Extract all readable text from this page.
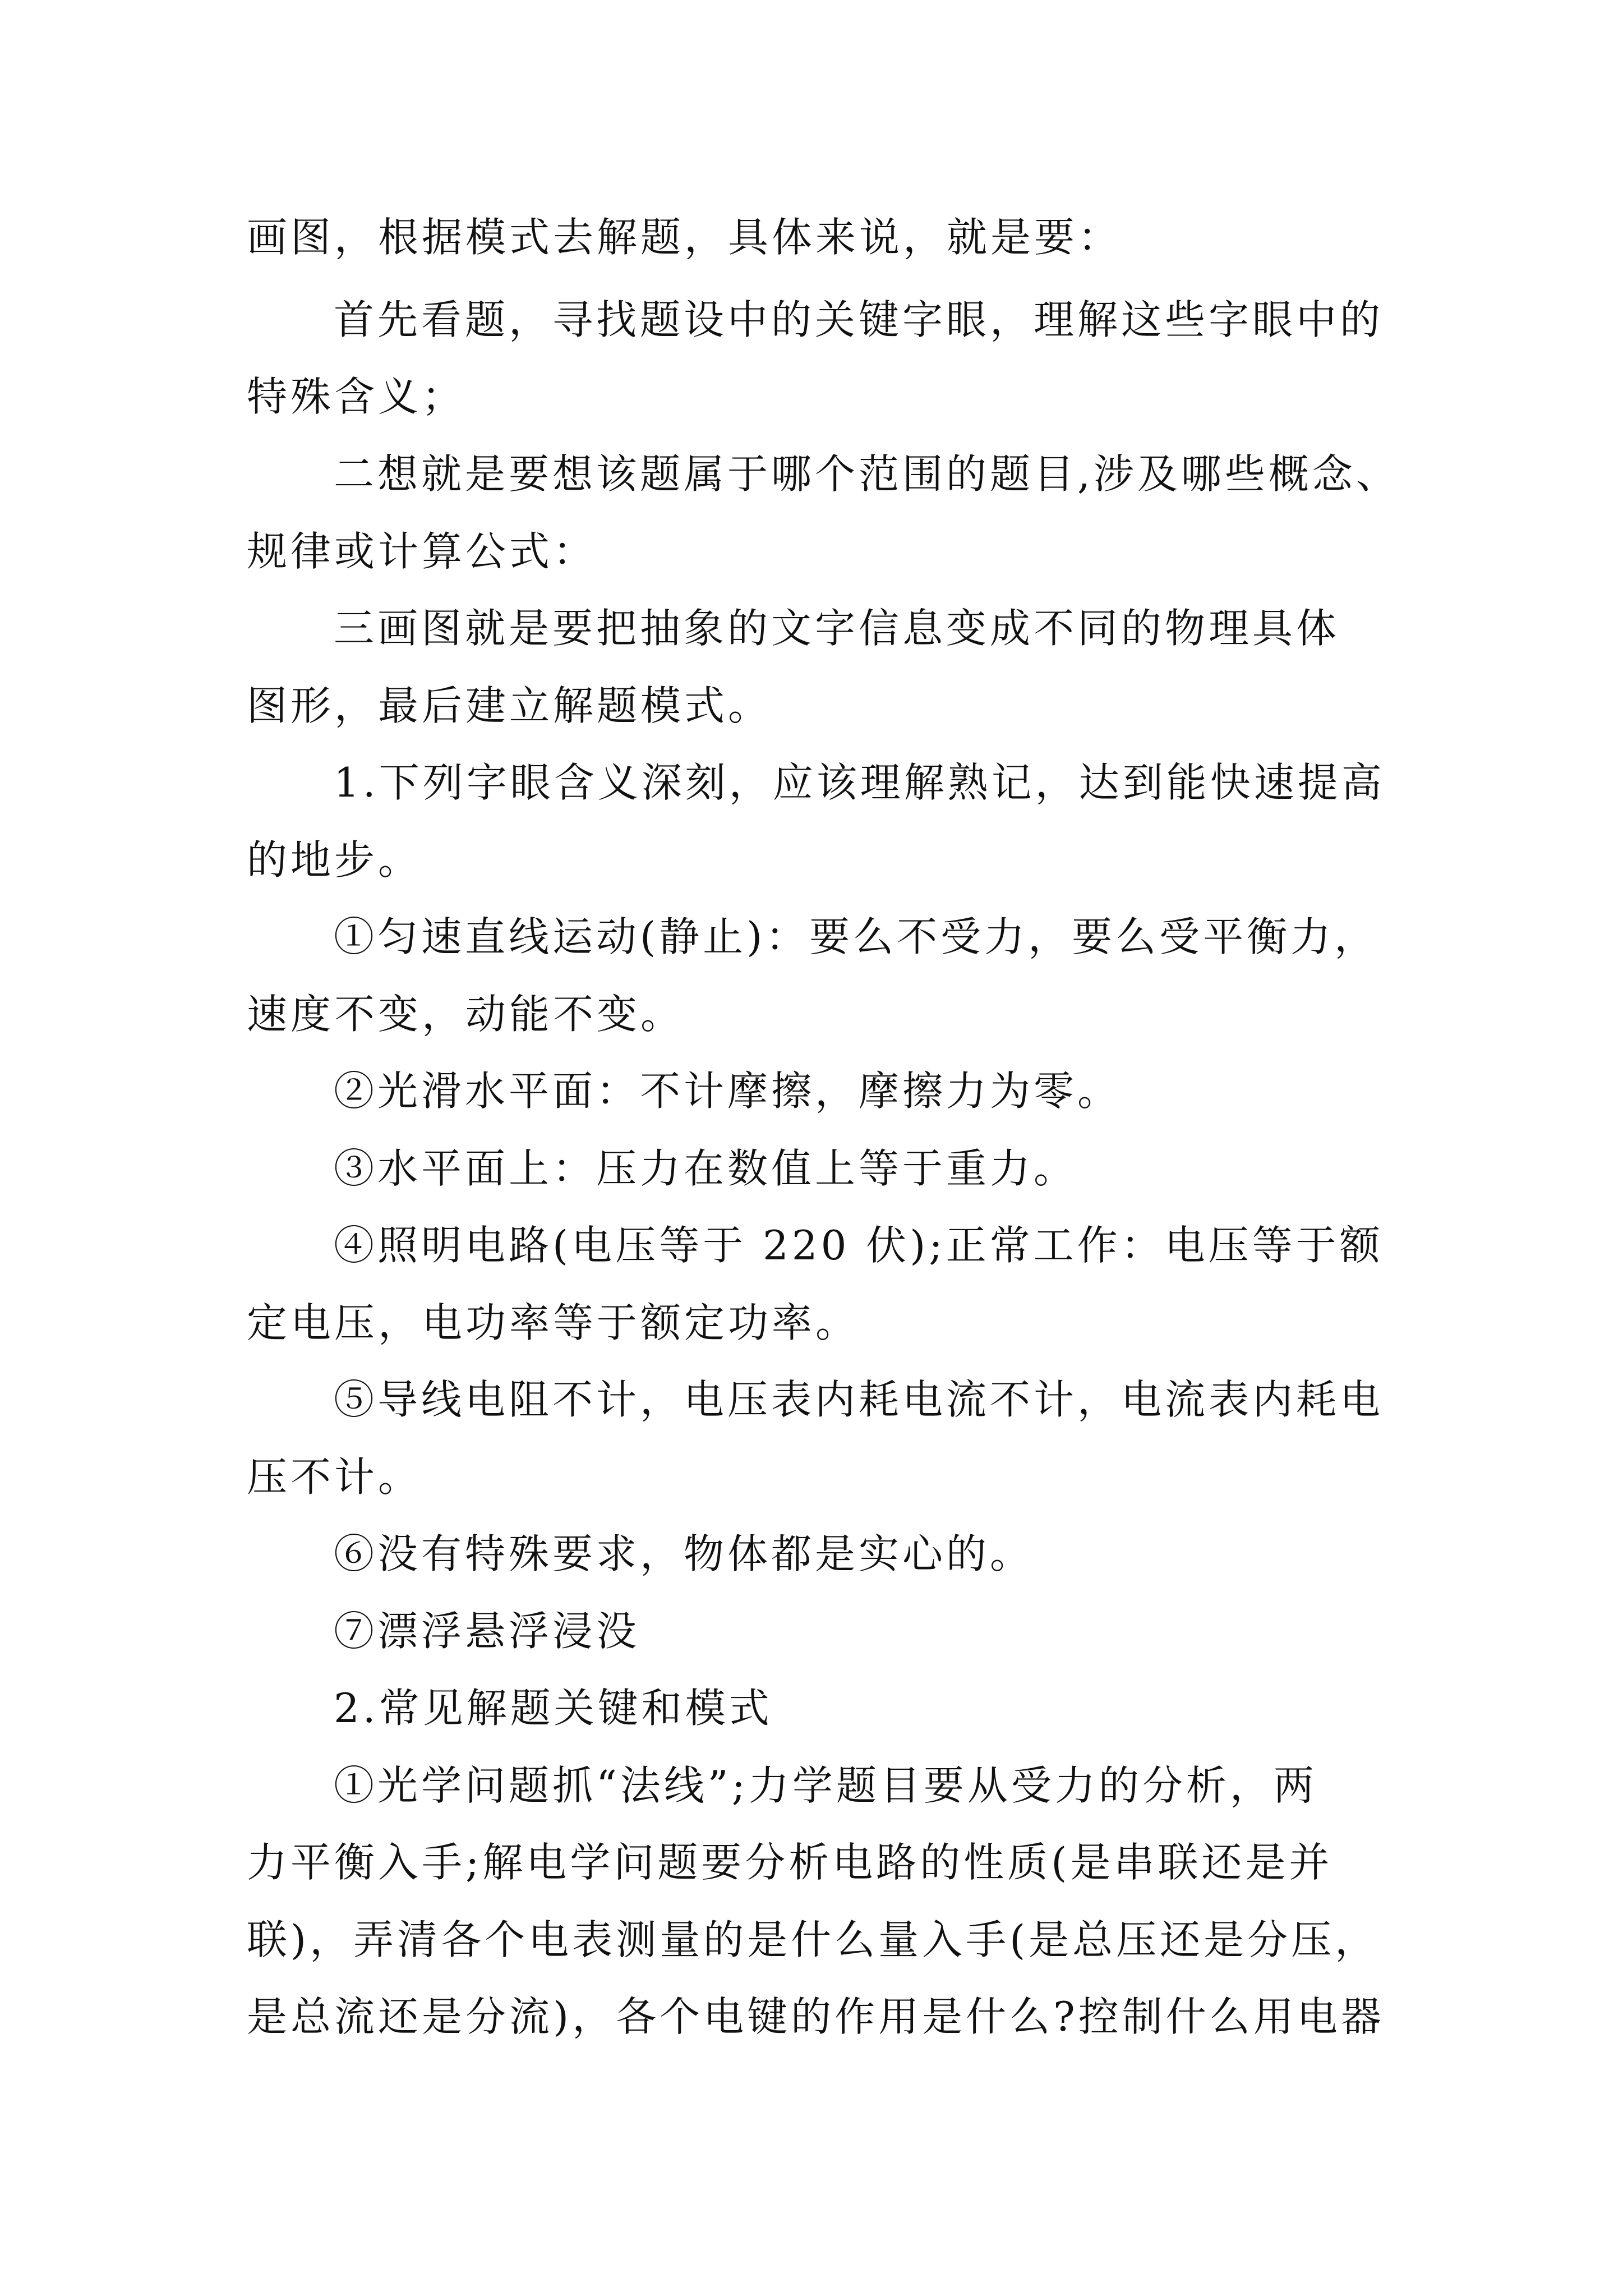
画图，根据模式去解题，具体来说，就是要：
首先看题，寻找题设中的关键字眼，理解这些字眼中的
特殊含义；
二想就是要想该题属于哪个范围的题目,涉及哪些概念、
规律或计算公式：
三画图就是要把抽象的文字信息变成不同的物理具体
图形，最后建立解题模式。
1.下列字眼含义深刻，应该理解熟记，达到能快速提高
的地步。
①匀速直线运动(静止)：要么不受力，要么受平衡力，
速度不变，动能不变。
②光滑水平面：不计摩擦，摩擦力为零。
③水平面上：压力在数值上等于重力。
④照明电路(电压等于 220 伏);正常工作：电压等于额
定电压，电功率等于额定功率。
⑤导线电阻不计，电压表内耗电流不计，电流表内耗电
压不计。
⑥没有特殊要求，物体都是实心的。
⑦漂浮悬浮浸没
2.常见解题关键和模式
①光学问题抓“法线”;力学题目要从受力的分析，两
力平衡入手;解电学问题要分析电路的性质(是串联还是并
联)，弄清各个电表测量的是什么量入手(是总压还是分压，
是总流还是分流)，各个电键的作用是什么?控制什么用电器
